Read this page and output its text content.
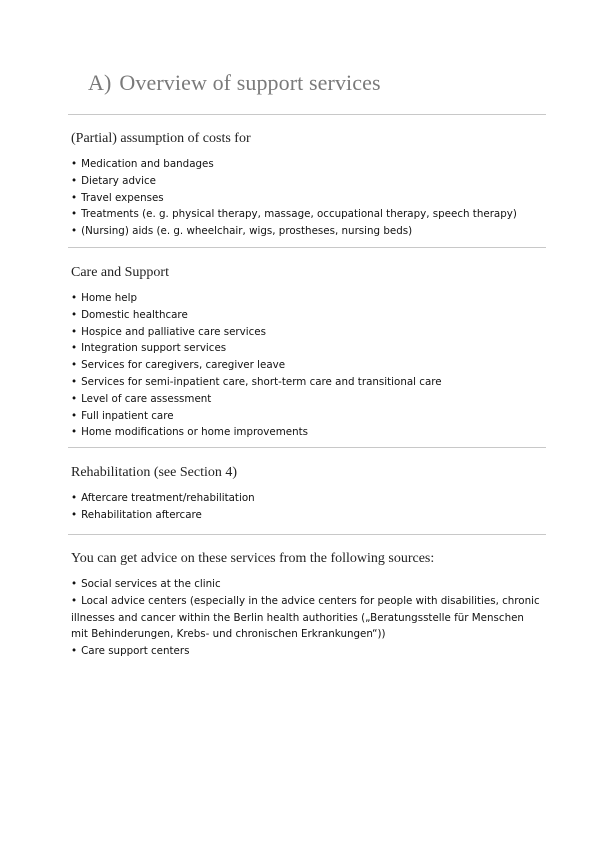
A) Overview of support services
(Partial) assumption of costs for
• Medication and bandages
• Dietary advice
• Travel expenses
• Treatments (e. g. physical therapy, massage, occupational therapy, speech therapy)
• (Nursing) aids (e. g. wheelchair, wigs, prostheses, nursing beds)
Care and Support
• Home help
• Domestic healthcare
• Hospice and palliative care services
• Integration support services
• Services for caregivers, caregiver leave
• Services for semi-inpatient care, short-term care and transitional care
• Level of care assessment
• Full inpatient care
• Home modifications or home improvements
Rehabilitation (see Section 4)
• Aftercare treatment/rehabilitation
• Rehabilitation aftercare
You can get advice on these services from the following sources:
• Social services at the clinic
• Local advice centers (especially in the advice centers for people with disabilities, chronic illnesses and cancer within the Berlin health authorities („Beratungsstelle für Menschen mit Behinderungen, Krebs- und chronischen Erkrankungen“))
• Care support centers
